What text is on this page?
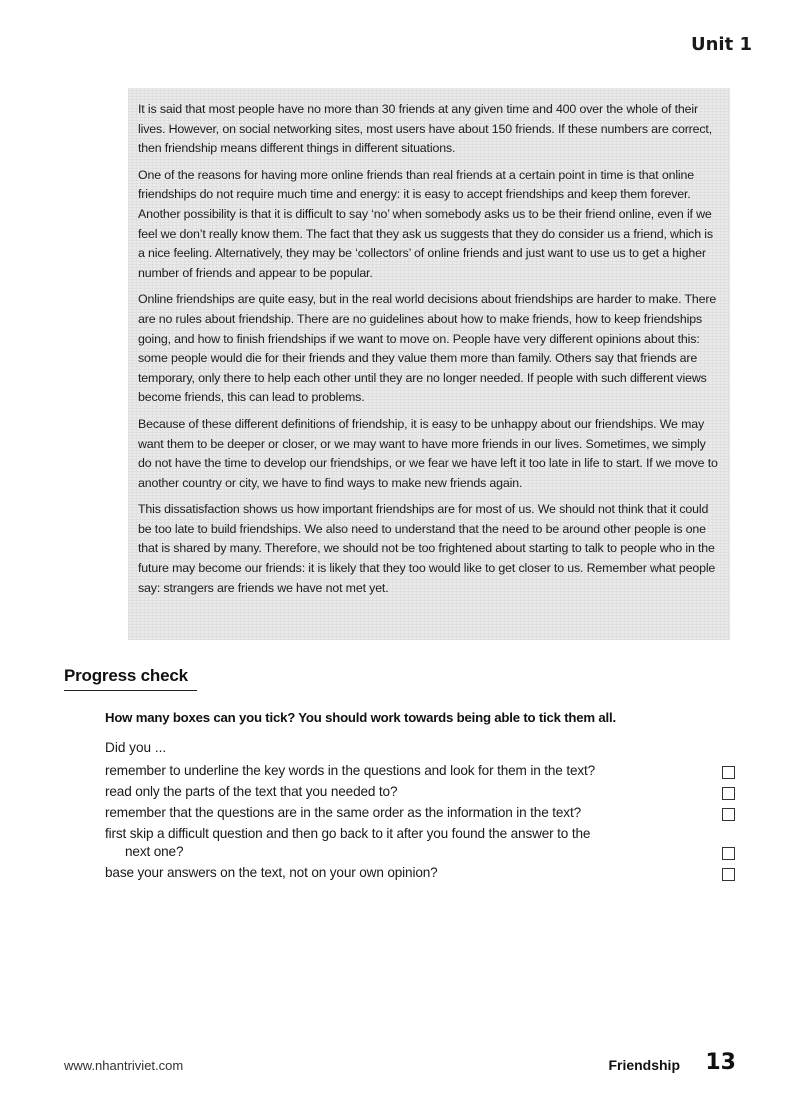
Unit 1

It is said that most people have no more than 30 friends at any given time and 400 over the whole of their lives. However, on social networking sites, most users have about 150 friends. If these numbers are correct, then friendship means different things in different situations.

One of the reasons for having more online friends than real friends at a certain point in time is that online friendships do not require much time and energy: it is easy to accept friendships and keep them forever. Another possibility is that it is difficult to say ‘no’ when somebody asks us to be their friend online, even if we feel we don’t really know them. The fact that they ask us suggests that they do consider us a friend, which is a nice feeling. Alternatively, they may be ‘collectors’ of online friends and just want to use us to get a higher number of friends and appear to be popular.

Online friendships are quite easy, but in the real world decisions about friendships are harder to make. There are no rules about friendship. There are no guidelines about how to make friends, how to keep friendships going, and how to finish friendships if we want to move on. People have very different opinions about this: some people would die for their friends and they value them more than family. Others say that friends are temporary, only there to help each other until they are no longer needed. If people with such different views become friends, this can lead to problems.

Because of these different definitions of friendship, it is easy to be unhappy about our friendships. We may want them to be deeper or closer, or we may want to have more friends in our lives. Sometimes, we simply do not have the time to develop our friendships, or we fear we have left it too late in life to start. If we move to another country or city, we have to find ways to make new friends again.

This dissatisfaction shows us how important friendships are for most of us. We should not think that it could be too late to build friendships. We also need to understand that the need to be around other people is one that is shared by many. Therefore, we should not be too frightened about starting to talk to people who in the future may become our friends: it is likely that they too would like to get closer to us. Remember what people say: strangers are friends we have not met yet.

Progress check
How many boxes can you tick? You should work towards being able to tick them all.
Did you ...
remember to underline the key words in the questions and look for them in the text?
read only the parts of the text that you needed to?
remember that the questions are in the same order as the information in the text?
first skip a difficult question and then go back to it after you found the answer to the
next one?
base your answers on the text, not on your own opinion?
www.nhantriviet.com	Friendship 13
